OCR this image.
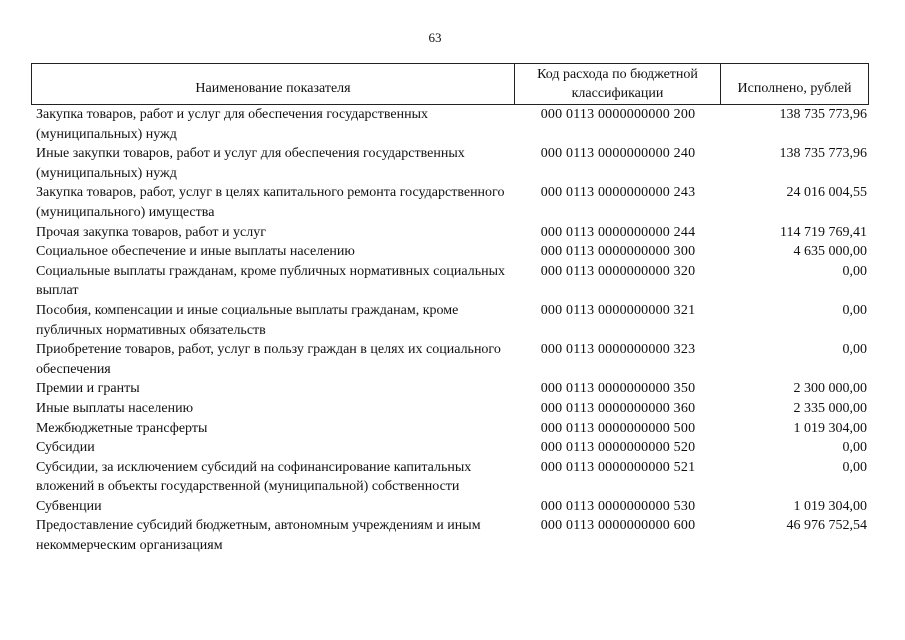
63
Наименование показателя
Код расхода по бюджетной классификации	Исполнено, рублей
Закупка товаров, работ и услуг для обеспечения государственных (муниципальных) нужд
000 0113 0000000000 200	138 735 773,96
Иные закупки товаров, работ и услуг для обеспечения государственных (муниципальных) нужд
000 0113 0000000000 240	138 735 773,96
Закупка товаров, работ, услуг в целях капитального ремонта государственного (муниципального) имущества
000 0113 0000000000 243	24 016 004,55
Прочая закупка товаров, работ и услуг	000 0113 0000000000 244	114 719 769,41
Социальное обеспечение и иные выплаты населению	000 0113 0000000000 300	4 635 000,00
Социальные выплаты гражданам, кроме публичных нормативных социальных выплат
000 0113 0000000000 320	0,00
Пособия, компенсации и иные социальные выплаты гражданам, кроме публичных нормативных обязательств
000 0113 0000000000 321	0,00
Приобретение товаров, работ, услуг в пользу граждан в целях их социального обеспечения
000 0113 0000000000 323	0,00
Премии и гранты	000 0113 0000000000 350	2 300 000,00
Иные выплаты населению	000 0113 0000000000 360	2 335 000,00
Межбюджетные трансферты	000 0113 0000000000 500	1 019 304,00
Субсидии	000 0113 0000000000 520	0,00
Субсидии, за исключением субсидий на софинансирование капитальных вложений в объекты государственной (муниципальной) собственности
000 0113 0000000000 521	0,00
Субвенции	000 0113 0000000000 530	1 019 304,00
Предоставление субсидий бюджетным, автономным учреждениям и иным некоммерческим организациям
000 0113 0000000000 600	46 976 752,54
